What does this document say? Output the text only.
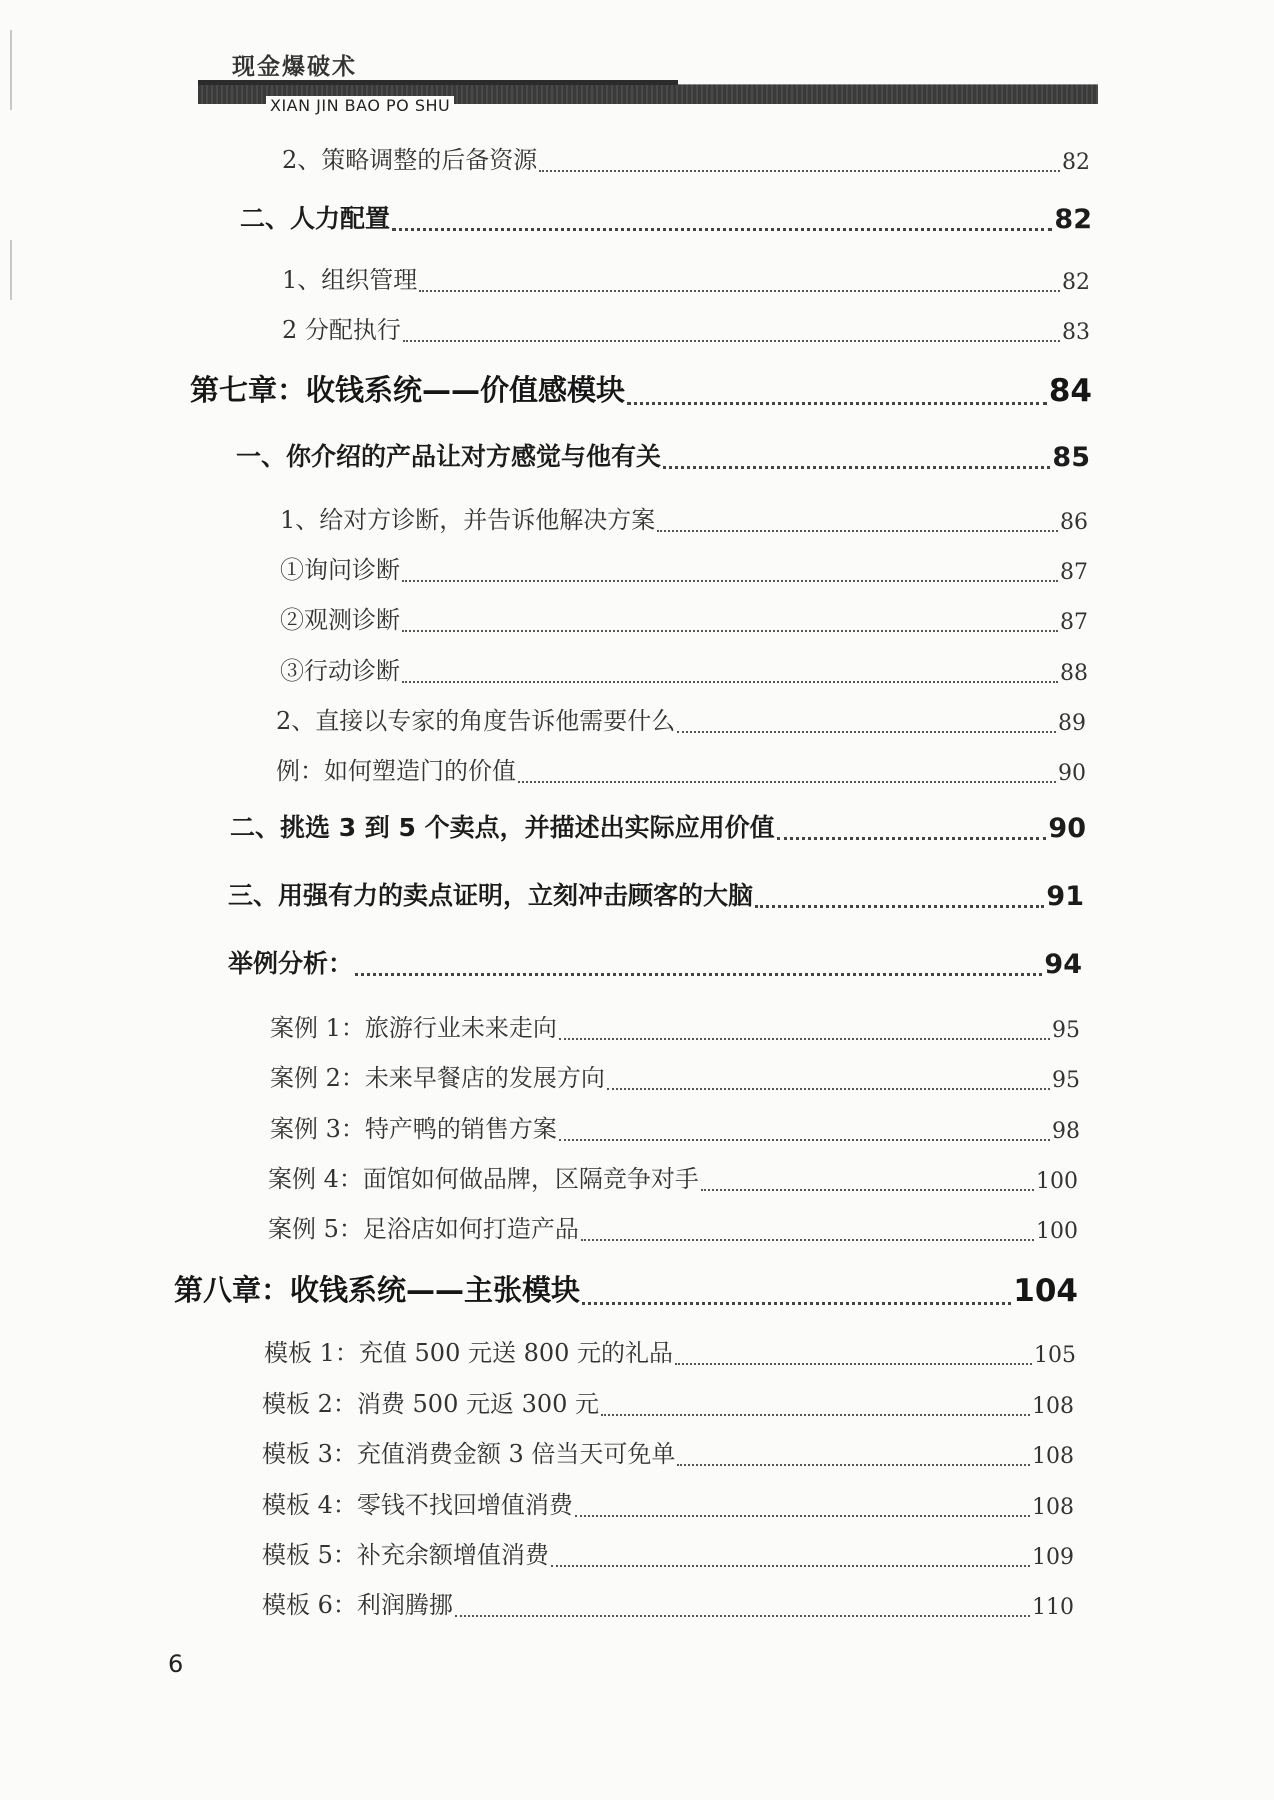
现金爆破术
XIAN JIN BAO PO SHU
2、策略调整的后备资源	82
二、人力配置	82
1、组织管理	82
2 分配执行	83
第七章：收钱系统——价值感模块	84
一、你介绍的产品让对方感觉与他有关	85
1、给对方诊断，并告诉他解决方案	86
①询问诊断	87
②观测诊断	87
③行动诊断	88
2、直接以专家的角度告诉他需要什么	89
例：如何塑造门的价值	90
二、挑选 3 到 5 个卖点，并描述出实际应用价值	90
三、用强有力的卖点证明，立刻冲击顾客的大脑	91
举例分析：	94
案例 1：旅游行业未来走向	95
案例 2：未来早餐店的发展方向	95
案例 3：特产鸭的销售方案	98
案例 4：面馆如何做品牌，区隔竞争对手	100
案例 5：足浴店如何打造产品	100
第八章：收钱系统——主张模块	104
模板 1：充值 500 元送 800 元的礼品	105
模板 2：消费 500 元返 300 元	108
模板 3：充值消费金额 3 倍当天可免单	108
模板 4：零钱不找回增值消费	108
模板 5：补充余额增值消费	109
模板 6：利润腾挪	110
6
